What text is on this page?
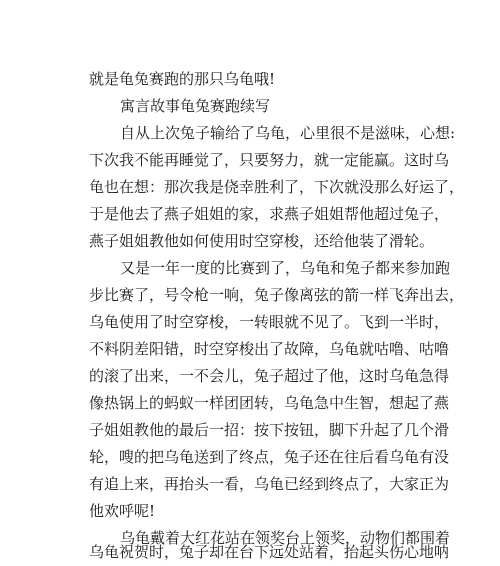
就是龟兔赛跑的那只乌龟哦!
寓言故事龟兔赛跑续写
自从上次兔子输给了乌龟，心里很不是滋味，心想:
下次我不能再睡觉了，只要努力，就一定能赢。这时乌
龟也在想：那次我是侥幸胜利了，下次就没那么好运了，
于是他去了燕子姐姐的家，求燕子姐姐帮他超过兔子，
燕子姐姐教他如何使用时空穿梭，还给他装了滑轮。
又是一年一度的比赛到了，乌龟和兔子都来参加跑
步比赛了，号令枪一响，兔子像离弦的箭一样飞奔出去，
乌龟使用了时空穿梭，一转眼就不见了。飞到一半时，
不料阴差阳错，时空穿梭出了故障，乌龟就咕噜、咕噜
的滚了出来，一不会儿，兔子超过了他，这时乌龟急得
像热锅上的蚂蚁一样团团转，乌龟急中生智，想起了燕
子姐姐教他的最后一招：按下按钮，脚下升起了几个滑
轮，嗖的把乌龟送到了终点，兔子还在往后看乌龟有没
有追上来，再抬头一看，乌龟已经到终点了，大家正为
他欢呼呢!
乌龟戴着大红花站在领奖台上领奖，动物们都围着
乌龟祝贺时，兔子却在台下远处站着，抬起头伤心地呐
